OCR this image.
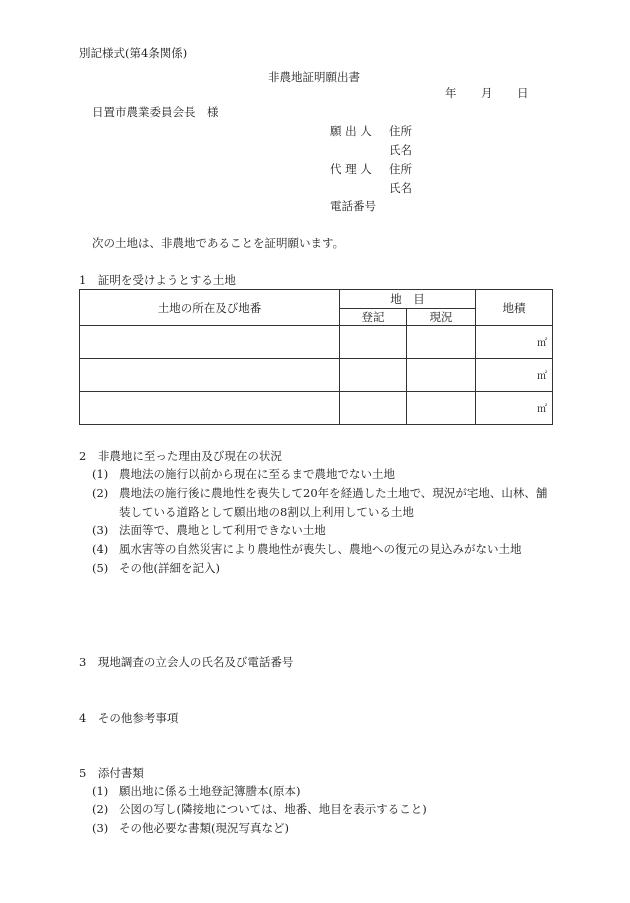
別記様式(第4条関係)
非農地証明願出書
年 月 日
日置市農業委員会長　様
願 出 人 住所
氏名
代 理 人 住所
氏名
電話番号
次の土地は、非農地であることを証明願います。
1　証明を受けようとする土地
土地の所在及び地番	地　目		地積
	登記	現況	
			㎡
			㎡
			㎡
2　非農地に至った理由及び現在の状況
(1) 農地法の施行以前から現在に至るまで農地でない土地
(2) 農地法の施行後に農地性を喪失して20年を経過した土地で、現況が宅地、山林、舗
装している道路として願出地の8割以上利用している土地
(3) 法面等で、農地として利用できない土地
(4) 風水害等の自然災害により農地性が喪失し、農地への復元の見込みがない土地
(5) その他(詳細を記入)
3　現地調査の立会人の氏名及び電話番号
4　その他参考事項
5　添付書類
(1) 願出地に係る土地登記簿謄本(原本)
(2) 公図の写し(隣接地については、地番、地目を表示すること)
(3) その他必要な書類(現況写真など)
